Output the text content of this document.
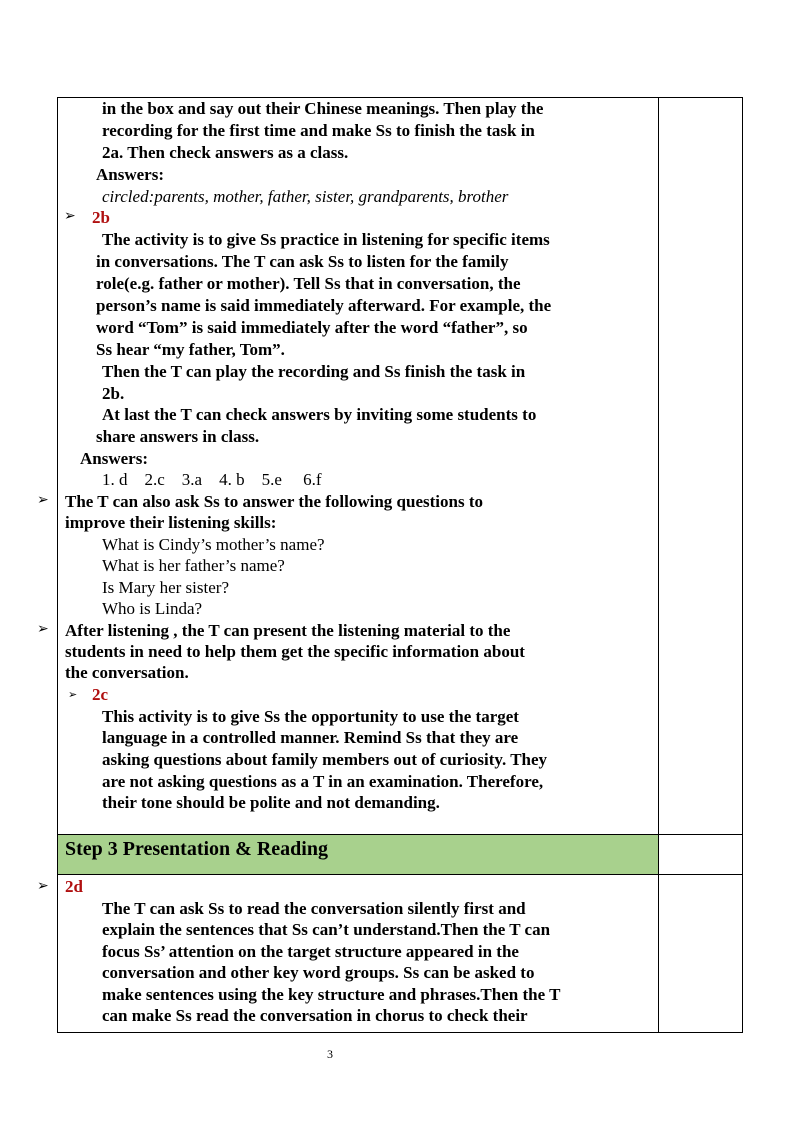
Step 3 Presentation & Reading
in the box and say out their Chinese meanings. Then play the
recording for the first time and make Ss to finish the task in
2a. Then check answers as a class.
Answers:
circled:parents, mother, father, sister, grandparents, brother
➢ 2b
The activity is to give Ss practice in listening for specific items
in conversations. The T can ask Ss to listen for the family
role(e.g. father or mother). Tell Ss that in conversation, the
person’s name is said immediately afterward. For example, the
word “Tom” is said immediately after the word “father”, so
Ss hear “my father, Tom”.
Then the T can play the recording and Ss finish the task in
2b.
At last the T can check answers by inviting some students to
share answers in class.
Answers:
1. d    2.c    3.a    4. b    5.e     6.f
➢ The T can also ask Ss to answer the following questions to
improve their listening skills:
What is Cindy’s mother’s name?
What is her father’s name?
Is Mary her sister?
Who is Linda?
➢ After listening , the T can present the listening material to the
students in need to help them get the specific information about
the conversation.
➢ 2c
This activity is to give Ss the opportunity to use the target
language in a controlled manner. Remind Ss that they are
asking questions about family members out of curiosity. They
are not asking questions as a T in an examination. Therefore,
their tone should be polite and not demanding.
➢ 2d
The T can ask Ss to read the conversation silently first and
explain the sentences that Ss can’t understand.Then the T can
focus Ss’ attention on the target structure appeared in the
conversation and other key word groups. Ss can be asked to
make sentences using the key structure and phrases.Then the T
can make Ss read the conversation in chorus to check their
3
